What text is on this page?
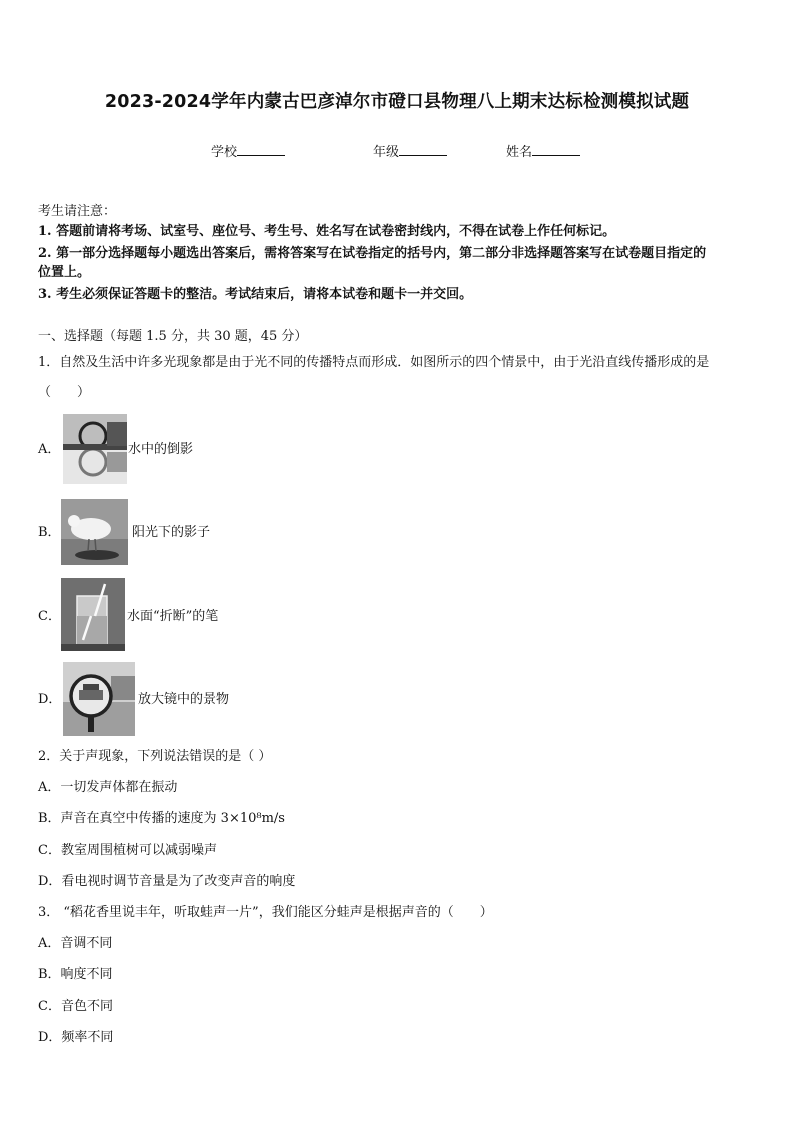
2023-2024学年内蒙古巴彦淖尔市磴口县物理八上期末达标检测模拟试题
学校	年级	姓名
考生请注意：
1. 答题前请将考场、试室号、座位号、考生号、姓名写在试卷密封线内，不得在试卷上作任何标记。
2. 第一部分选择题每小题选出答案后，需将答案写在试卷指定的括号内，第二部分非选择题答案写在试卷题目指定的
位置上。
3. 考生必须保证答题卡的整洁。考试结束后，请将本试卷和题卡一并交回。
一、选择题（每题 1.5 分，共 30 题，45 分）
1．自然及生活中许多光现象都是由于光不同的传播特点而形成．如图所示的四个情景中，由于光沿直线传播形成的是
（　　）
A．	水中的倒影
B．	阳光下的影子
C．	水面“折断”的笔
D．	放大镜中的景物
2．关于声现象，下列说法错误的是（ ）
A．一切发声体都在振动
B．声音在真空中传播的速度为 3×10⁸m/s
C．教室周围植树可以减弱噪声
D．看电视时调节音量是为了改变声音的响度
3． “稻花香里说丰年，听取蛙声一片”，我们能区分蛙声是根据声音的（　　）
A．音调不同
B．响度不同
C．音色不同
D．频率不同
